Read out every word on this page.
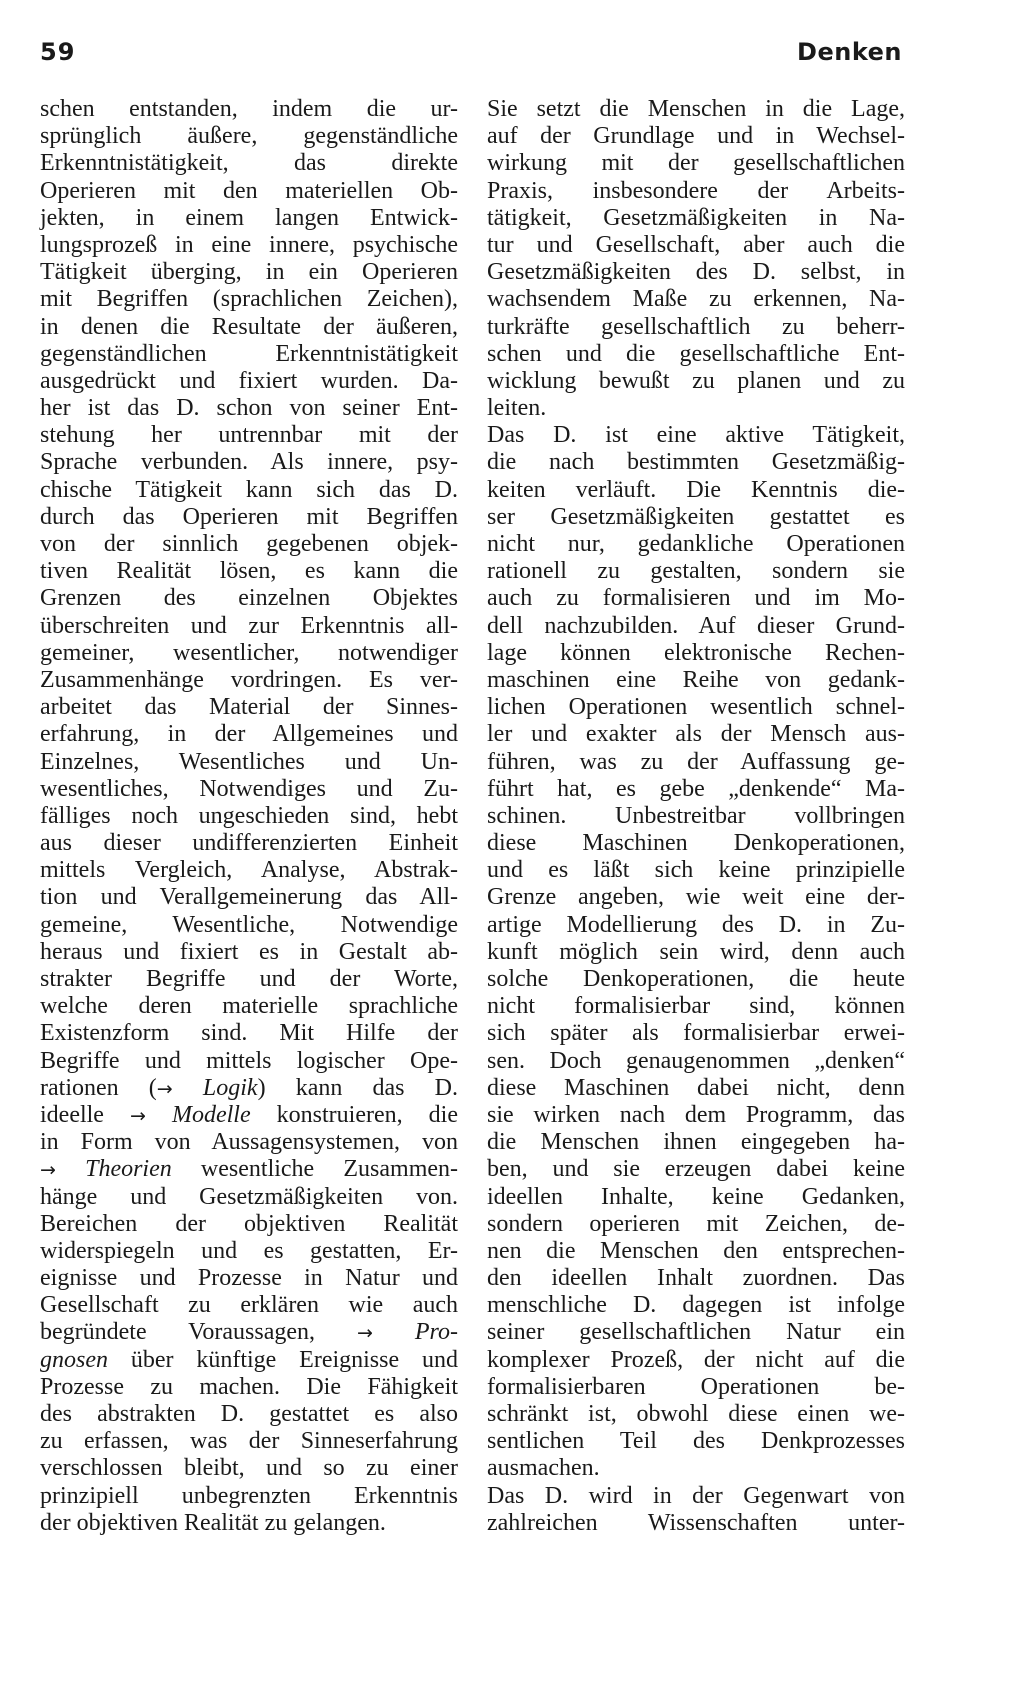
59	Denken
schen entstanden, indem die ur-
sprünglich äußere, gegenständliche
Erkenntnistätigkeit, das direkte
Operieren mit den materiellen Ob-
jekten, in einem langen Entwick-
lungsprozeß in eine innere, psychische
Tätigkeit überging, in ein Operieren
mit Begriffen (sprachlichen Zeichen),
in denen die Resultate der äußeren,
gegenständlichen Erkenntnistätigkeit
ausgedrückt und fixiert wurden. Da-
her ist das D. schon von seiner Ent-
stehung her untrennbar mit der
Sprache verbunden. Als innere, psy-
chische Tätigkeit kann sich das D.
durch das Operieren mit Begriffen
von der sinnlich gegebenen objek-
tiven Realität lösen, es kann die
Grenzen des einzelnen Objektes
überschreiten und zur Erkenntnis all-
gemeiner, wesentlicher, notwendiger
Zusammenhänge vordringen. Es ver-
arbeitet das Material der Sinnes-
erfahrung, in der Allgemeines und
Einzelnes, Wesentliches und Un-
wesentliches, Notwendiges und Zu-
fälliges noch ungeschieden sind, hebt
aus dieser undifferenzierten Einheit
mittels Vergleich, Analyse, Abstrak-
tion und Verallgemeinerung das All-
gemeine, Wesentliche, Notwendige
heraus und fixiert es in Gestalt ab-
strakter Begriffe und der Worte,
welche deren materielle sprachliche
Existenzform sind. Mit Hilfe der
Begriffe und mittels logischer Ope-
rationen (→ Logik) kann das D.
ideelle → Modelle konstruieren, die
in Form von Aussagensystemen, von
→ Theorien wesentliche Zusammen-
hänge und Gesetzmäßigkeiten von.
Bereichen der objektiven Realität
widerspiegeln und es gestatten, Er-
eignisse und Prozesse in Natur und
Gesellschaft zu erklären wie auch
begründete Voraussagen, → Pro-
gnosen über künftige Ereignisse und
Prozesse zu machen. Die Fähigkeit
des abstrakten D. gestattet es also
zu erfassen, was der Sinneserfahrung
verschlossen bleibt, und so zu einer
prinzipiell unbegrenzten Erkenntnis
der objektiven Realität zu gelangen.
Sie setzt die Menschen in die Lage,
auf der Grundlage und in Wechsel-
wirkung mit der gesellschaftlichen
Praxis, insbesondere der Arbeits-
tätigkeit, Gesetzmäßigkeiten in Na-
tur und Gesellschaft, aber auch die
Gesetzmäßigkeiten des D. selbst, in
wachsendem Maße zu erkennen, Na-
turkräfte gesellschaftlich zu beherr-
schen und die gesellschaftliche Ent-
wicklung bewußt zu planen und zu
leiten.
Das D. ist eine aktive Tätigkeit,
die nach bestimmten Gesetzmäßig-
keiten verläuft. Die Kenntnis die-
ser Gesetzmäßigkeiten gestattet es
nicht nur, gedankliche Operationen
rationell zu gestalten, sondern sie
auch zu formalisieren und im Mo-
dell nachzubilden. Auf dieser Grund-
lage können elektronische Rechen-
maschinen eine Reihe von gedank-
lichen Operationen wesentlich schnel-
ler und exakter als der Mensch aus-
führen, was zu der Auffassung ge-
führt hat, es gebe „denkende“ Ma-
schinen. Unbestreitbar vollbringen
diese Maschinen Denkoperationen,
und es läßt sich keine prinzipielle
Grenze angeben, wie weit eine der-
artige Modellierung des D. in Zu-
kunft möglich sein wird, denn auch
solche Denkoperationen, die heute
nicht formalisierbar sind, können
sich später als formalisierbar erwei-
sen. Doch genaugenommen „denken“
diese Maschinen dabei nicht, denn
sie wirken nach dem Programm, das
die Menschen ihnen eingegeben ha-
ben, und sie erzeugen dabei keine
ideellen Inhalte, keine Gedanken,
sondern operieren mit Zeichen, de-
nen die Menschen den entsprechen-
den ideellen Inhalt zuordnen. Das
menschliche D. dagegen ist infolge
seiner gesellschaftlichen Natur ein
komplexer Prozeß, der nicht auf die
formalisierbaren Operationen be-
schränkt ist, obwohl diese einen we-
sentlichen Teil des Denkprozesses
ausmachen.
Das D. wird in der Gegenwart von
zahlreichen Wissenschaften unter-
